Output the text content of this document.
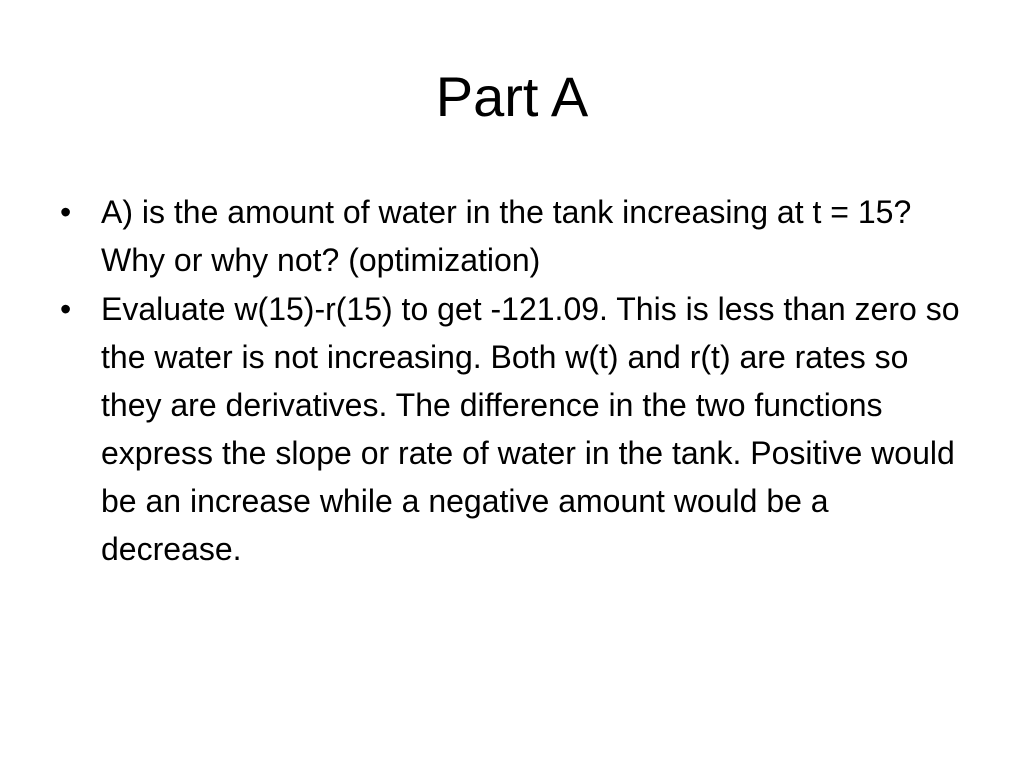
Part A
• A) is the amount of water in the tank increasing at t = 15? Why or why not? (optimization)
• Evaluate w(15)-r(15) to get -121.09. This is less than zero so the water is not increasing. Both w(t) and r(t) are rates so they are derivatives. The difference in the two functions express the slope or rate of water in the tank. Positive would be an increase while a negative amount would be a decrease.
